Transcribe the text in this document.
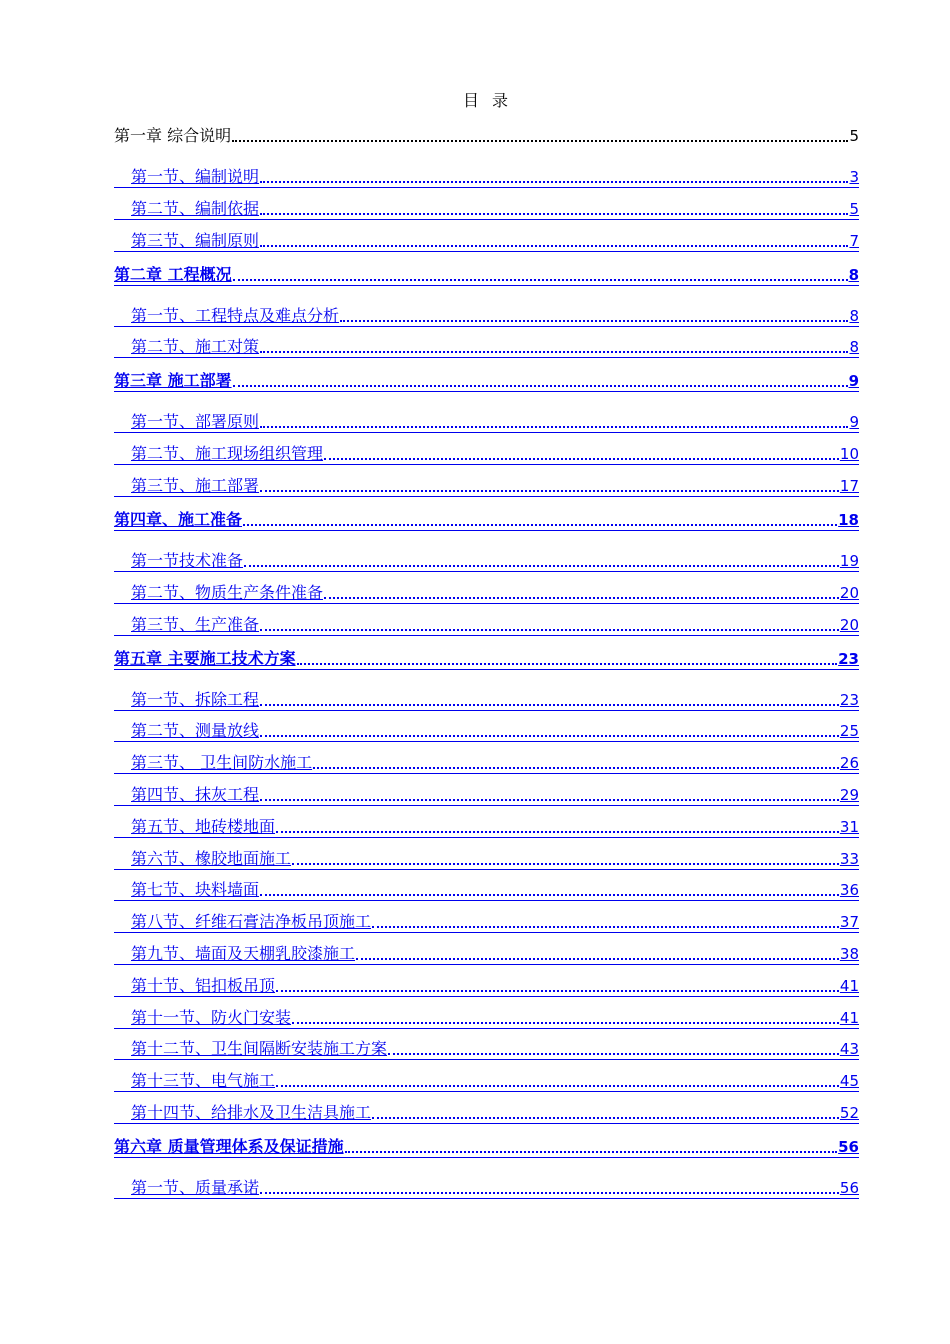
目 录
第一章 综合说明	5
第一节、编制说明	3
第二节、编制依据	5
第三节、编制原则	7
第二章 工程概况	8
第一节、工程特点及难点分析	8
第二节、施工对策	8
第三章 施工部署	9
第一节、部署原则	9
第二节、施工现场组织管理	10
第三节、施工部署	17
第四章、施工准备	18
第一节技术准备	19
第二节、物质生产条件准备	20
第三节、生产准备	20
第五章 主要施工技术方案	23
第一节、拆除工程	23
第二节、测量放线	25
第三节、 卫生间防水施工	26
第四节、抹灰工程	29
第五节、地砖楼地面	31
第六节、橡胶地面施工	33
第七节、块料墙面	36
第八节、纤维石膏洁净板吊顶施工	37
第九节、墙面及天棚乳胶漆施工	38
第十节、铝扣板吊顶	41
第十一节、防火门安装	41
第十二节、卫生间隔断安装施工方案	43
第十三节、电气施工	45
第十四节、给排水及卫生洁具施工	52
第六章 质量管理体系及保证措施	56
第一节、质量承诺	56
